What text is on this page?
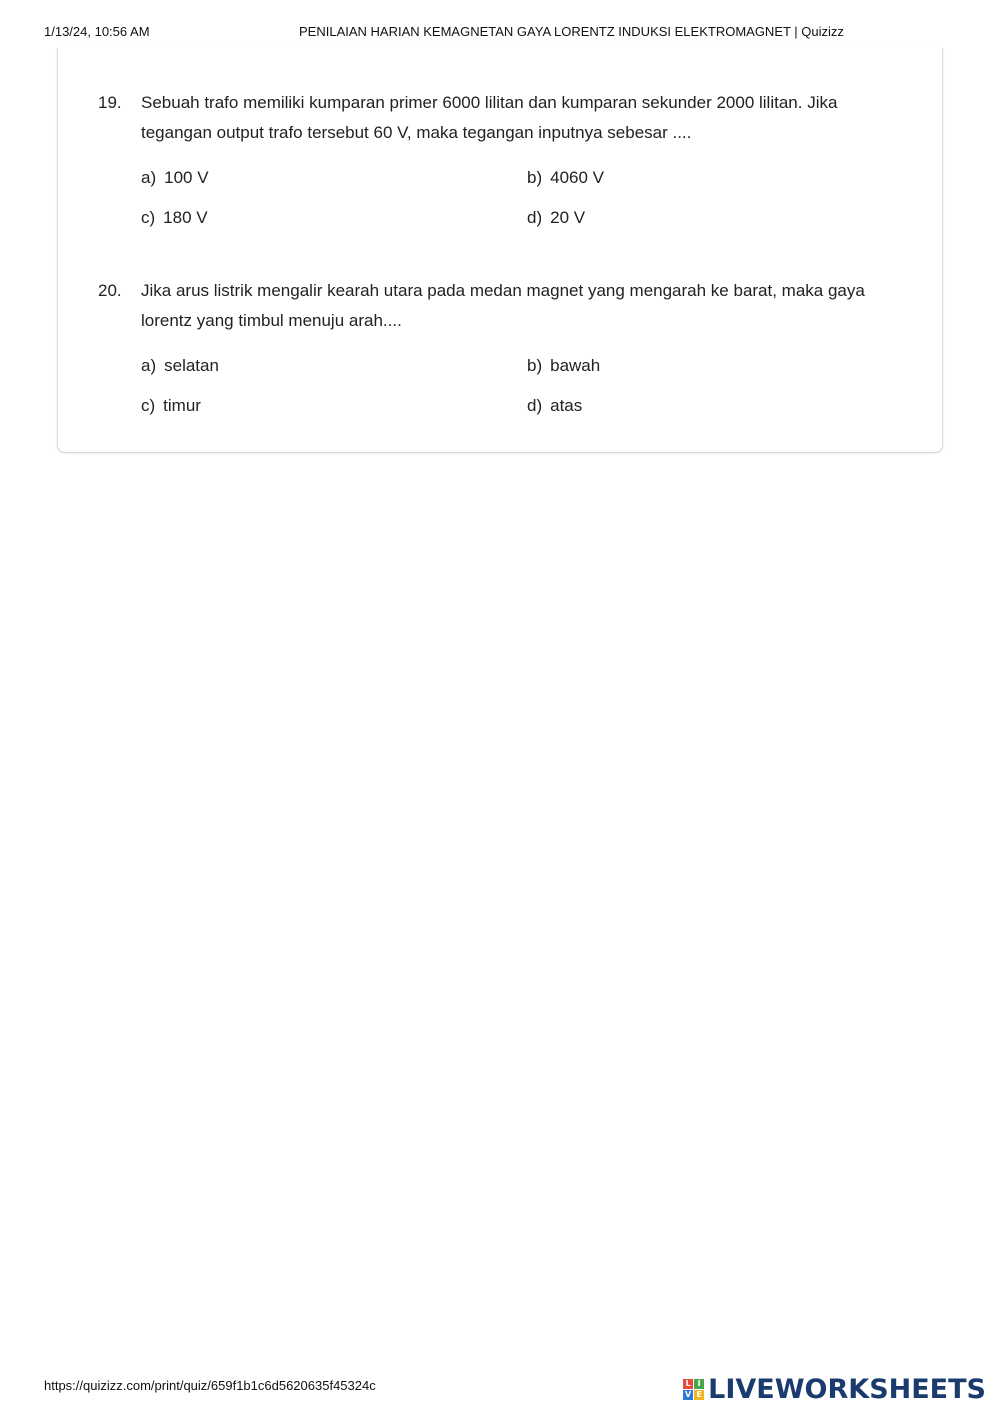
1/13/24, 10:56 AM	PENILAIAN HARIAN KEMAGNETAN GAYA LORENTZ INDUKSI ELEKTROMAGNET | Quizizz
19. Sebuah trafo memiliki kumparan primer 6000 lilitan dan kumparan sekunder 2000 lilitan. Jika tegangan output trafo tersebut 60 V, maka tegangan inputnya sebesar ....
a) 100 V	b) 4060 V
c) 180 V	d) 20 V
20. Jika arus listrik mengalir kearah utara pada medan magnet yang mengarah ke barat, maka gaya lorentz yang timbul menuju arah....
a) selatan	b) bawah
c) timur	d) atas
https://quizizz.com/print/quiz/659f1b1c6d5620635f45324c	L I
V E LIVEWORKSHEETS
